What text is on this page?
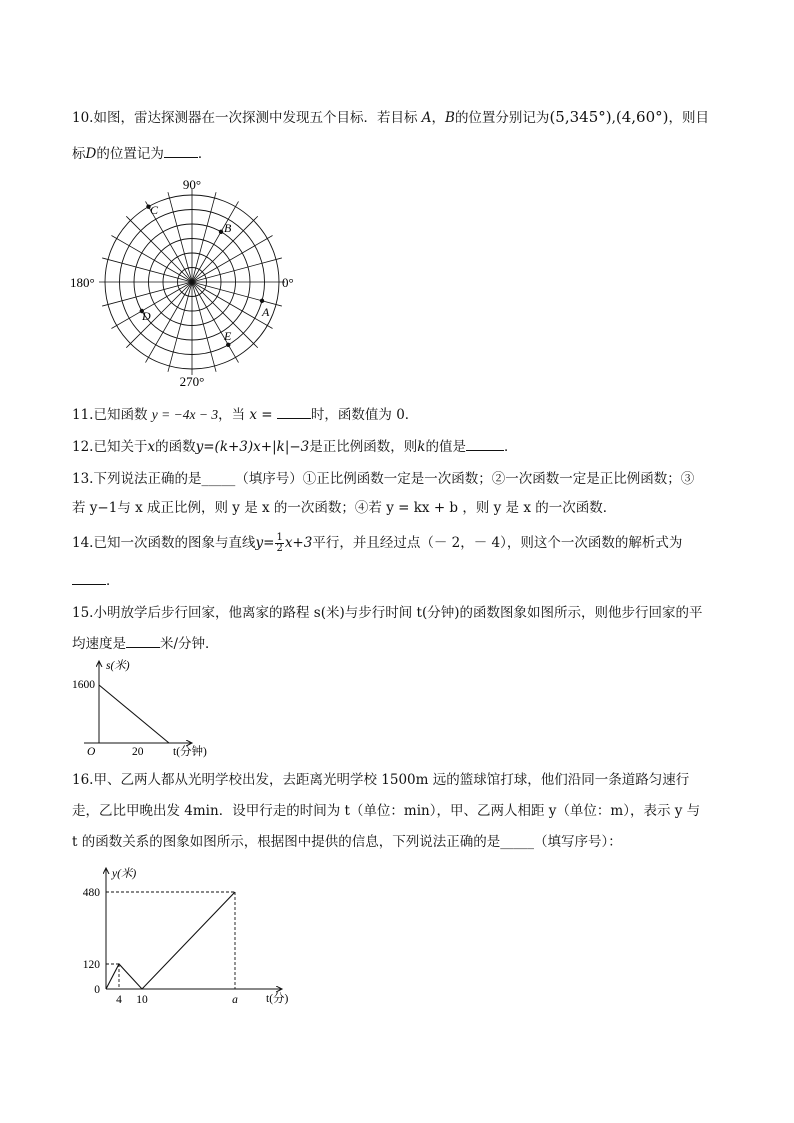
10.如图，雷达探测器在一次探测中发现五个目标．若目标 A，B的位置分别记为(5,345°),(4,60°)，则目
标D的位置记为	．
90°
270°
180°	0°
C
B
A
D
E
11.已知函数 y = −4x − 3，当 x =	时，函数值为 0．
12.已知关于x的函数y=(k+3)x+|k|−3是正比例函数，则k的值是	．
13.下列说法正确的是_____（填序号）①正比例函数一定是一次函数；②一次函数一定是正比例函数；③
若 y−1与 x 成正比例，则 y 是 x 的一次函数；④若 y = kx + b ，则 y 是 x 的一次函数．
14.已知一次函数的图象与直线$y= \frac{1}{2} x+3$平行，并且经过点（－ 2，－ 4），则这个一次函数的解析式为
．
15.小明放学后步行回家，他离家的路程 s(米)与步行时间 t(分钟)的函数图象如图所示，则他步行回家的平
均速度是	米/分钟．
s(米)
t(分钟)
1600
20
O
16.甲、乙两人都从光明学校出发，去距离光明学校 1500m 远的篮球馆打球，他们沿同一条道路匀速行
走，乙比甲晚出发 4min．设甲行走的时间为 t（单位：min），甲、乙两人相距 y（单位：m），表示 y 与
t 的函数关系的图象如图所示，根据图中提供的信息，下列说法正确的是_____（填写序号）：
y(米)
t(分)
480
120
0
4 10	a
